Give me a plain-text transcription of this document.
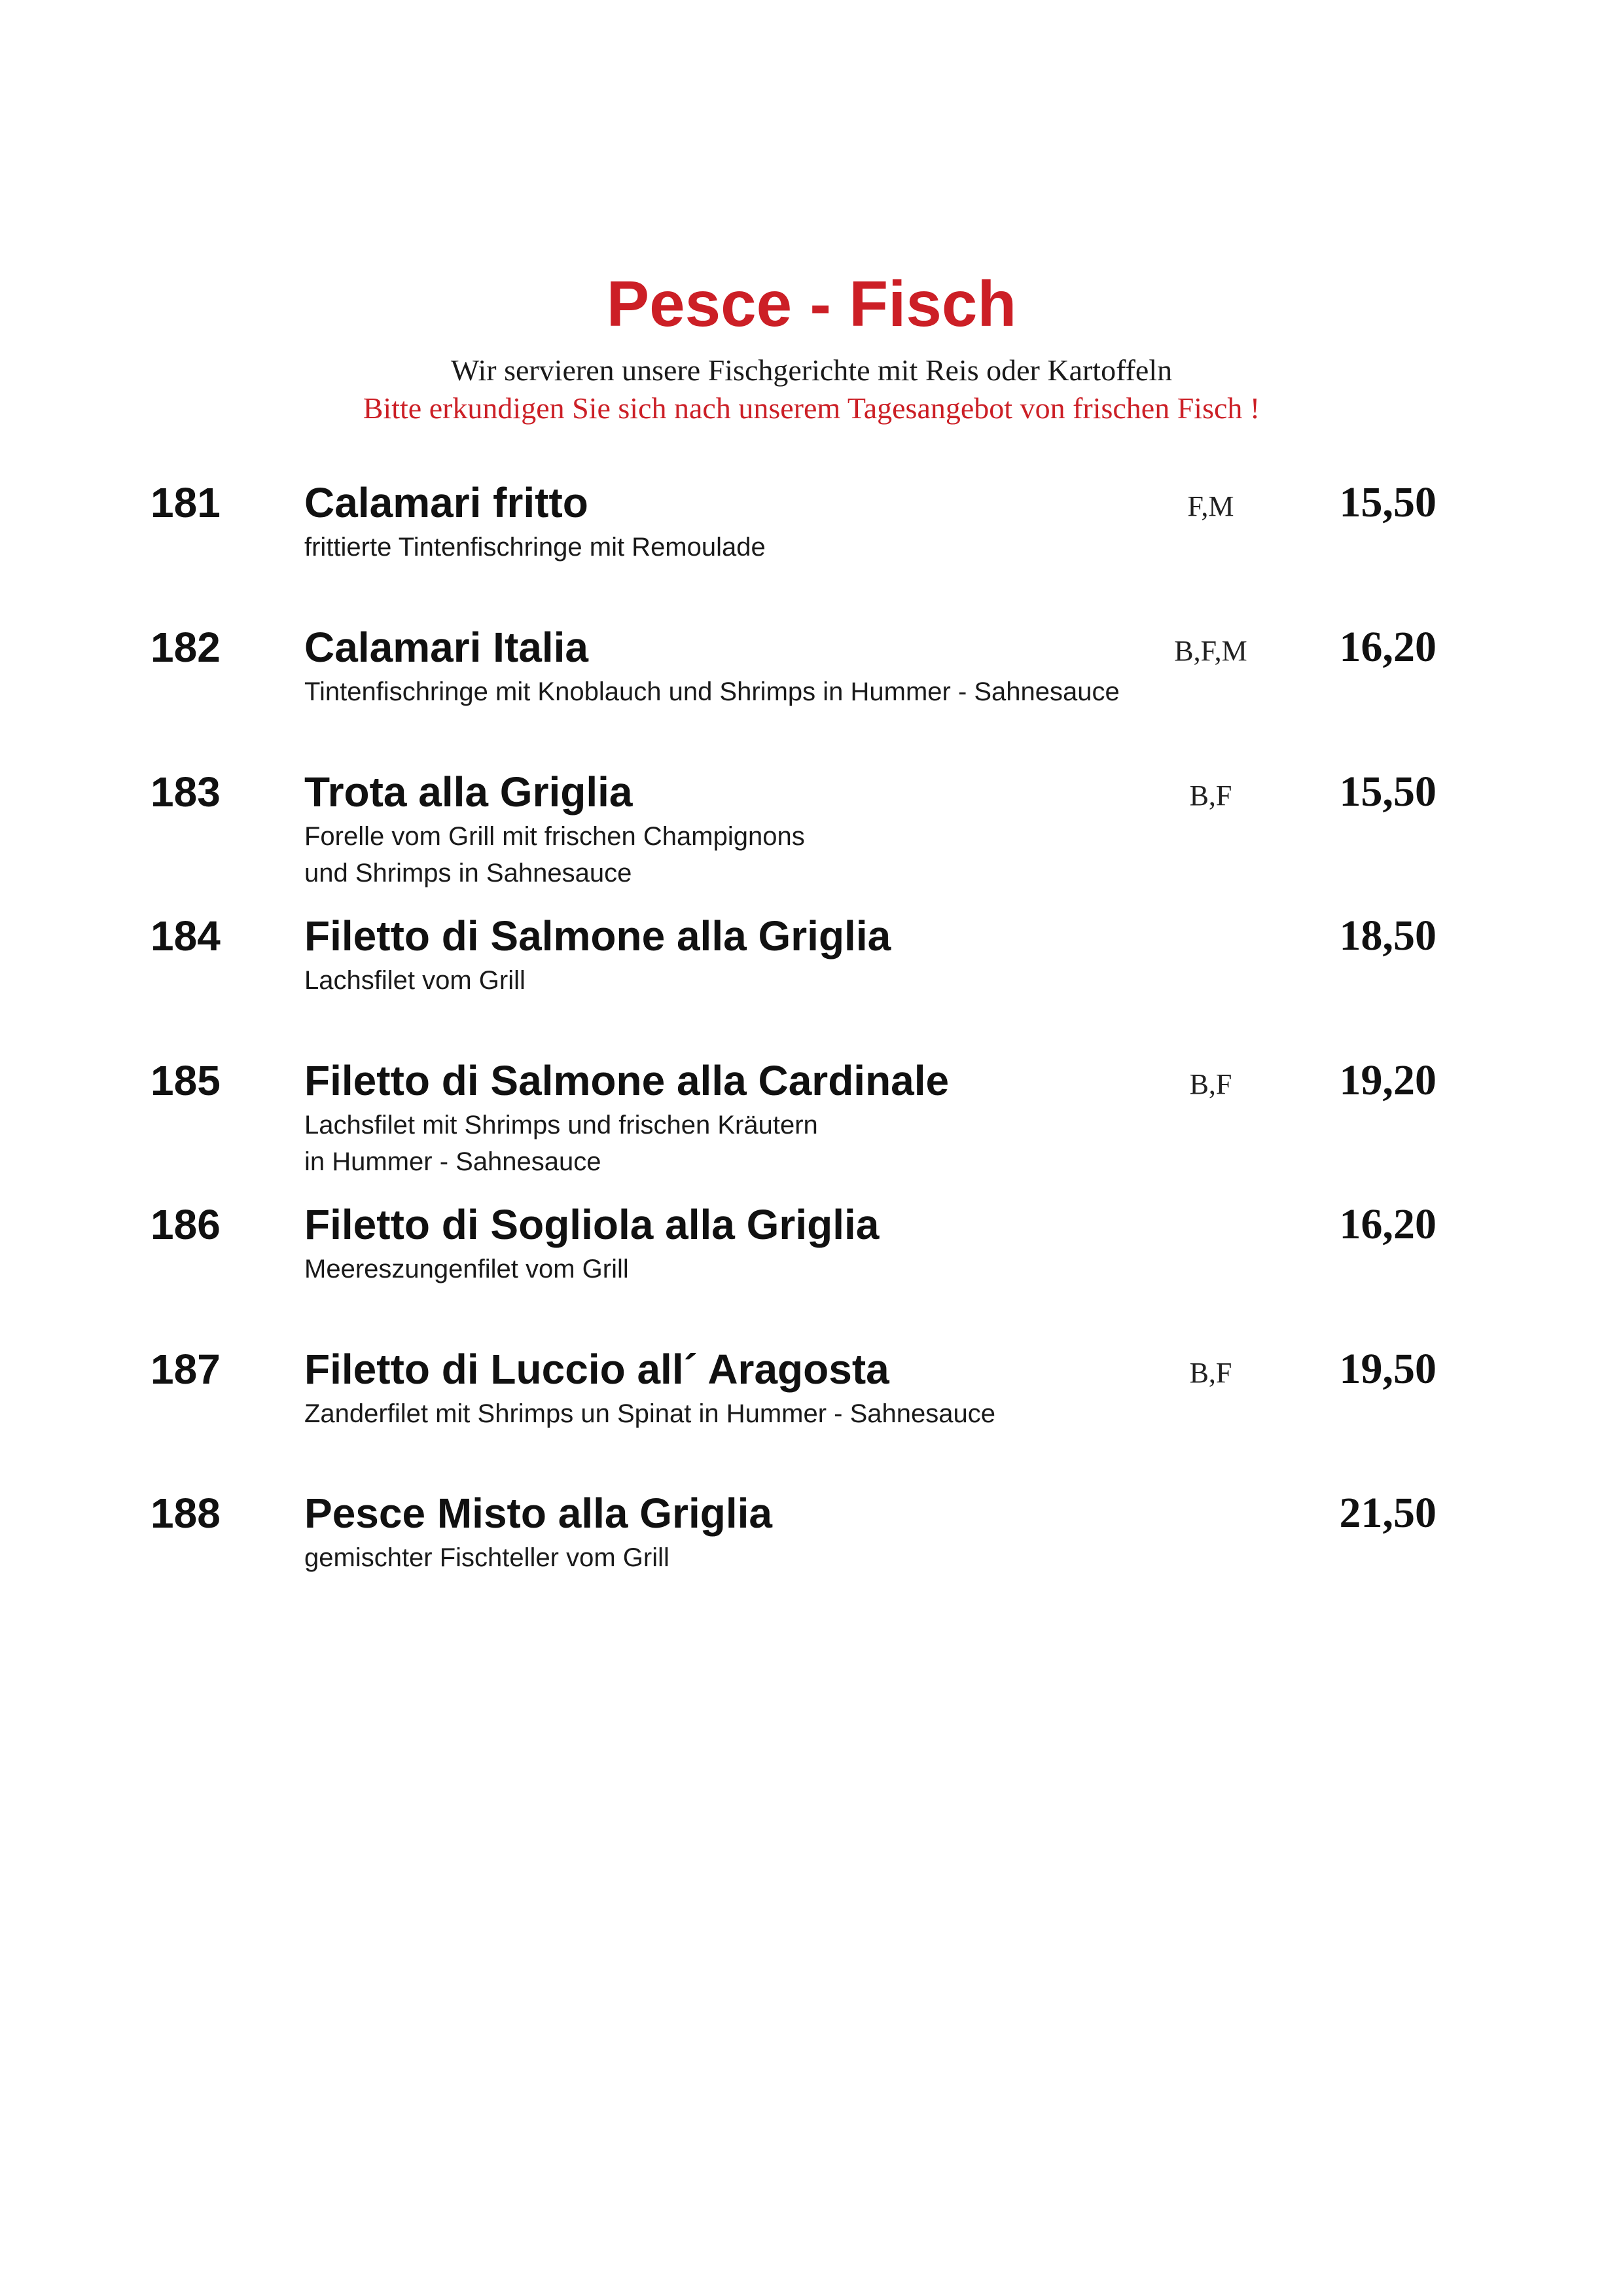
Pesce - Fisch

Wir servieren unsere Fischgerichte mit Reis oder Kartoffeln

Bitte erkundigen Sie sich nach unserem Tagesangebot von frischen Fisch !

181 Calamari fritto	F,M	15,50
frittierte Tintenfischringe mit Remoulade
182 Calamari Italia	B,F,M	16,20
Tintenfischringe mit Knoblauch und Shrimps in Hummer - Sahnesauce
183 Trota alla Griglia	B,F	15,50
Forelle vom Grill mit frischen Champignons
und Shrimps in Sahnesauce
184 Filetto di Salmone alla Griglia	18,50
Lachsfilet vom Grill
185 Filetto di Salmone alla Cardinale	B,F	19,20
Lachsfilet mit Shrimps und frischen Kräutern
in Hummer - Sahnesauce
186 Filetto di Sogliola alla Griglia	16,20
Meereszungenfilet vom Grill
187 Filetto di Luccio all´ Aragosta	B,F	19,50
Zanderfilet mit Shrimps un Spinat in Hummer - Sahnesauce
188 Pesce Misto alla Griglia	21,50
gemischter Fischteller vom Grill
